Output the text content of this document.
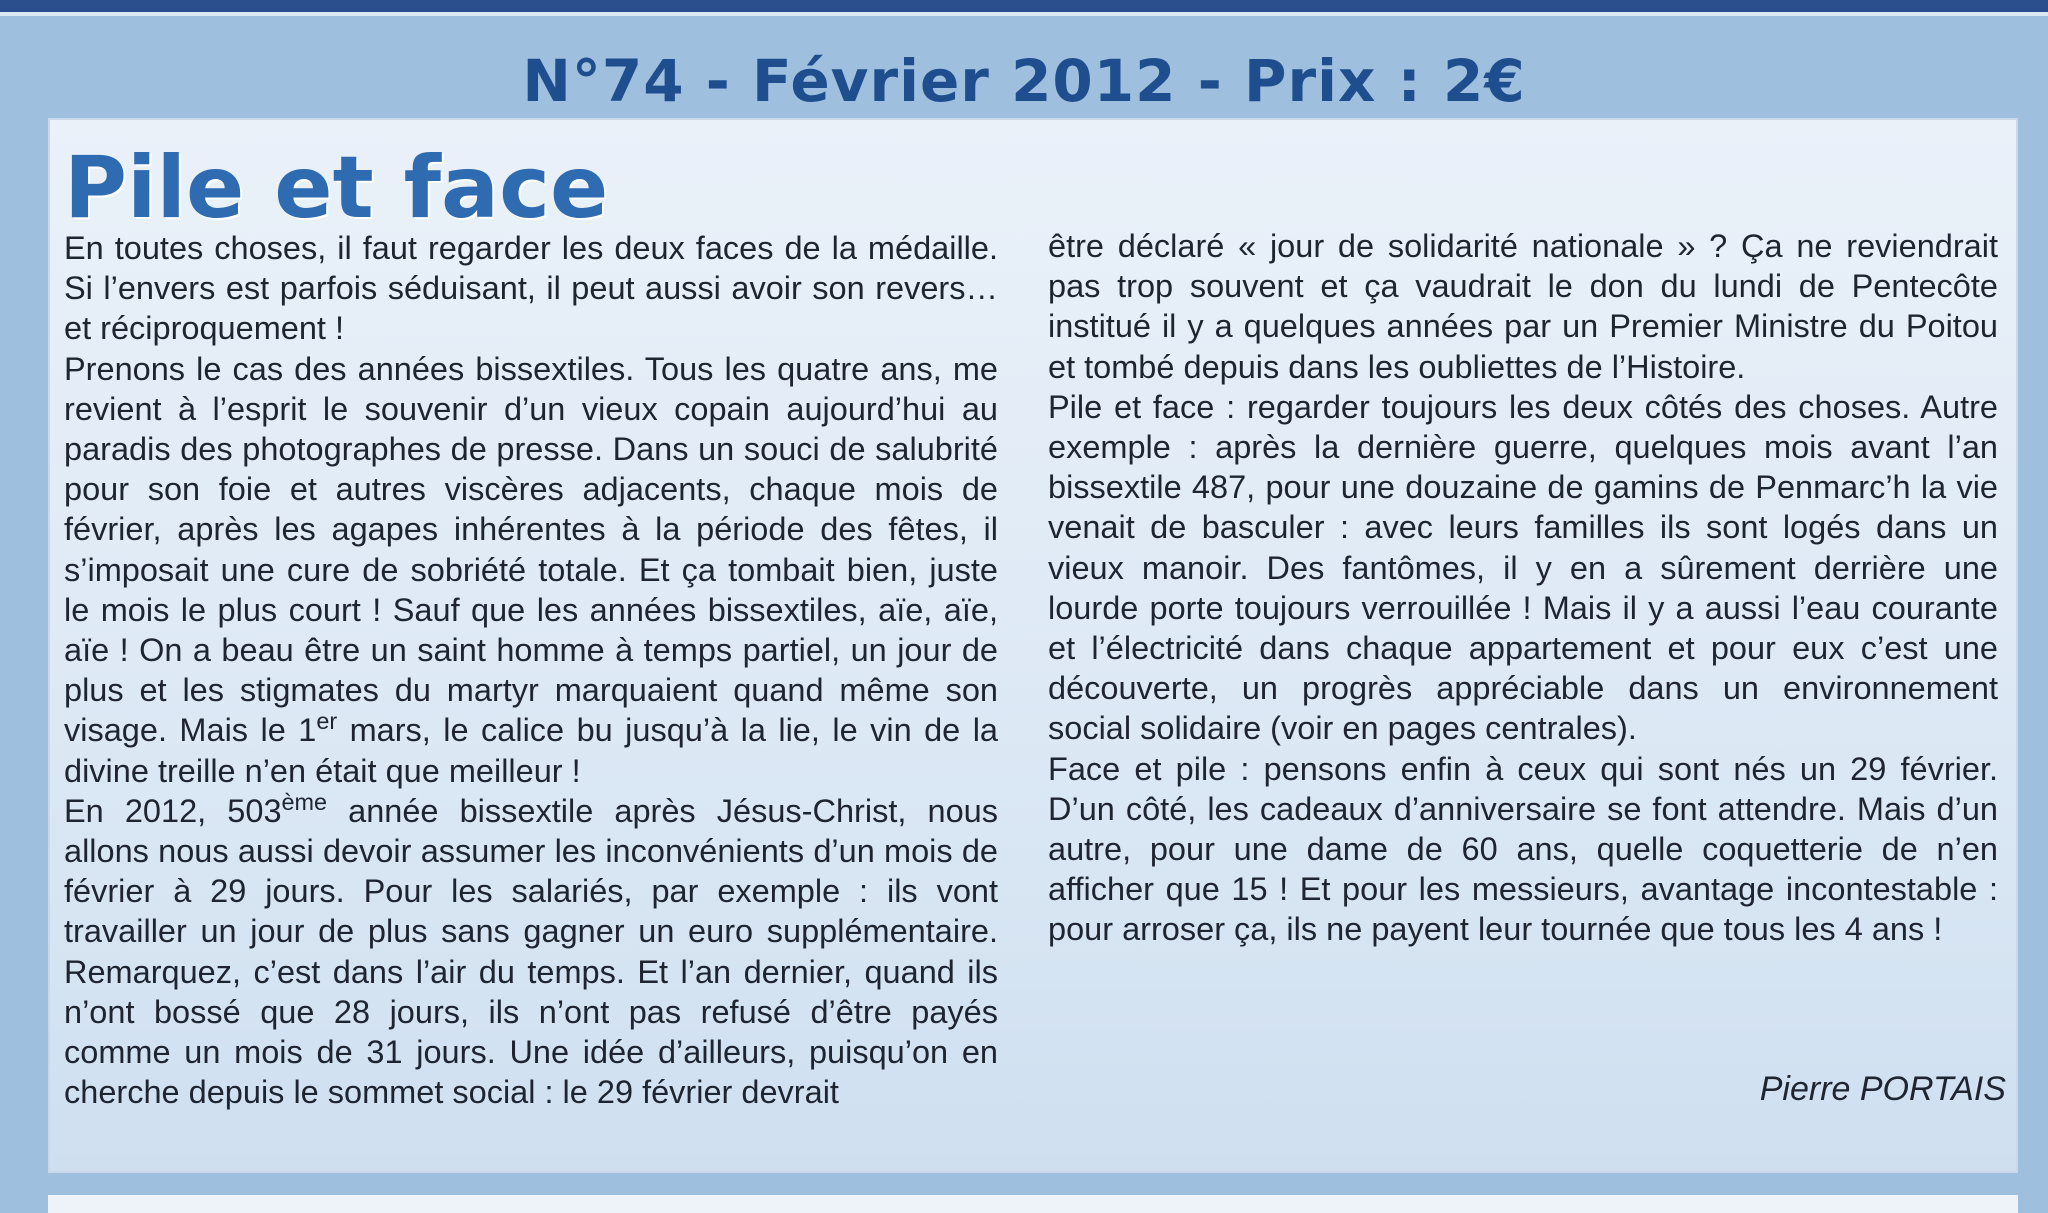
N°74 - Février 2012 - Prix : 2€
Pile et face

En toutes choses, il faut regarder les deux faces de la médaille. Si l’envers est parfois séduisant, il peut aussi avoir son revers… et réciproquement !

Prenons le cas des années bissextiles. Tous les quatre ans, me revient à l’esprit le souvenir d’un vieux copain aujourd’hui au paradis des photographes de presse. Dans un souci de salubrité pour son foie et autres viscères adjacents, chaque mois de février, après les agapes inhérentes à la période des fêtes, il s’imposait une cure de sobriété totale. Et ça tombait bien, juste le mois le plus court ! Sauf que les années bissextiles, aïe, aïe, aïe ! On a beau être un saint homme à temps partiel, un jour de plus et les stigmates du martyr marquaient quand même son visage. Mais le 1er mars, le calice bu jusqu’à la lie, le vin de la divine treille n’en était que meilleur !

En 2012, 503ème année bissextile après Jésus-Christ, nous allons nous aussi devoir assumer les inconvénients d’un mois de février à 29 jours. Pour les salariés, par exemple : ils vont travailler un jour de plus sans gagner un euro supplémentaire. Remarquez, c’est dans l’air du temps. Et l’an dernier, quand ils n’ont bossé que 28 jours, ils n’ont pas refusé d’être payés comme un mois de 31 jours. Une idée d’ailleurs, puisqu’on en cherche depuis le sommet social : le 29 février devrait

être déclaré « jour de solidarité nationale » ? Ça ne reviendrait pas trop souvent et ça vaudrait le don du lundi de Pentecôte institué il y a quelques années par un Premier Ministre du Poitou et tombé depuis dans les oubliettes de l’Histoire.

Pile et face : regarder toujours les deux côtés des choses. Autre exemple : après la dernière guerre, quelques mois avant l’an bissextile 487, pour une douzaine de gamins de Penmarc’h la vie venait de basculer : avec leurs familles ils sont logés dans un vieux manoir. Des fantômes, il y en a sûrement derrière une lourde porte toujours verrouillée ! Mais il y a aussi l’eau courante et l’électricité dans chaque appartement et pour eux c’est une découverte, un progrès appréciable dans un environnement social solidaire (voir en pages centrales).

Face et pile : pensons enfin à ceux qui sont nés un 29 février. D’un côté, les cadeaux d’anniversaire se font attendre. Mais d’un autre, pour une dame de 60 ans, quelle coquetterie de n’en afficher que 15 ! Et pour les messieurs, avantage incontestable : pour arroser ça, ils ne payent leur tournée que tous les 4 ans !

Pierre PORTAIS
